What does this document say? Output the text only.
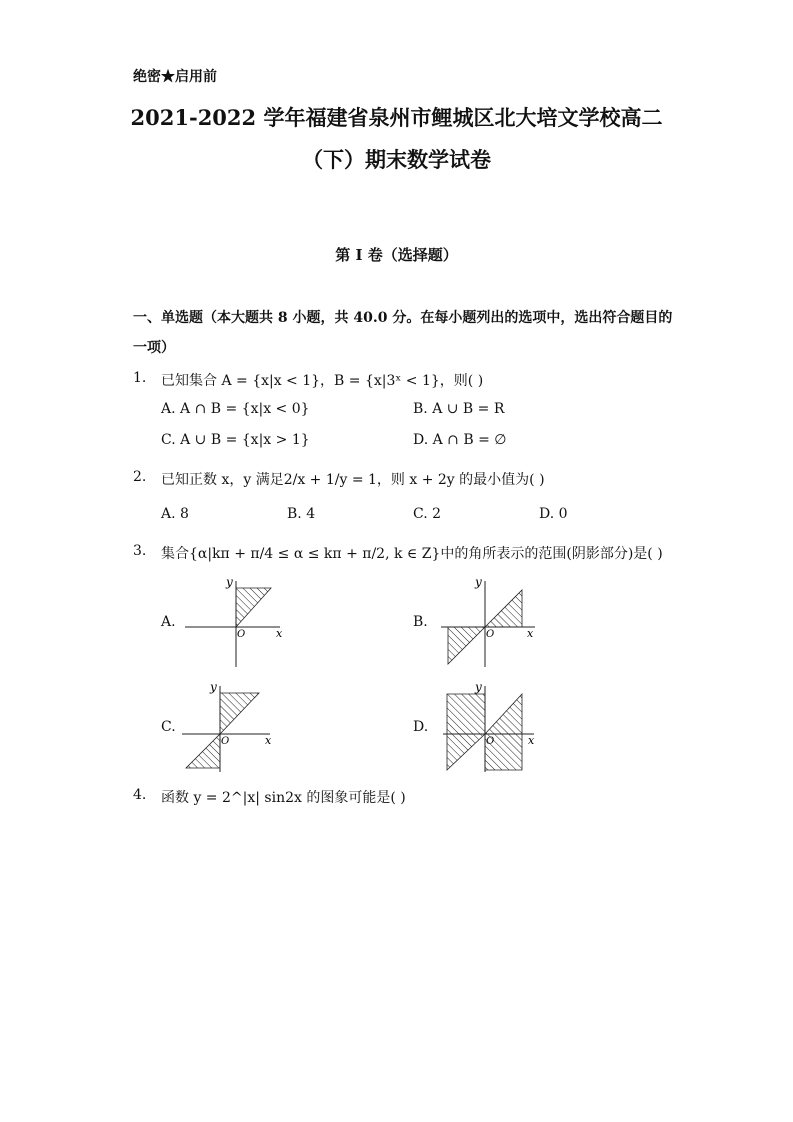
绝密★启用前
2021-2022 学年福建省泉州市鲤城区北大培文学校高二
（下）期末数学试卷
第 I 卷（选择题）
一、单选题（本大题共 8 小题，共 40.0 分。在每小题列出的选项中，选出符合题目的
一项）
1. 已知集合 A = {x|x < 1}，B = {x|3ˣ < 1}，则( )
A. A ∩ B = {x|x < 0}	B. A ∪ B = R
C. A ∪ B = {x|x > 1}	D. A ∩ B = ∅
2. 已知正数 x，y 满足2/x + 1/y = 1，则 x + 2y 的最小值为( )
A. 8	B. 4	C. 2	D. 0
3. 集合{α|kπ + π/4 ≤ α ≤ kπ + π/2, k ∈ Z}中的角所表示的范围(阴影部分)是( )
A.	B.
C.	D.
y
x
O
y
x
O
y
x
O
y
x
O
4. 函数 y = 2^|x| sin2x 的图象可能是( )
